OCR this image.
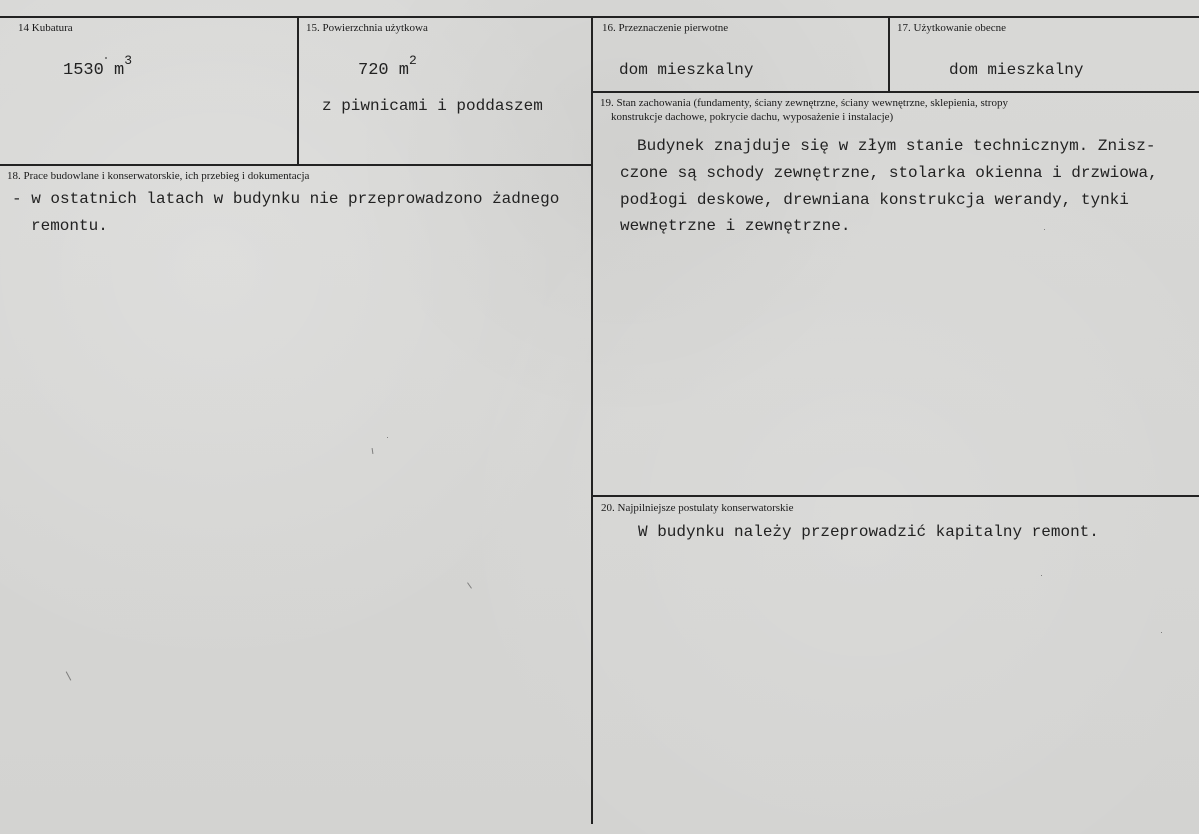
14 Kubatura
1530 $m^3$
15. Powierzchnia użytkowa
720 $m^2$
z piwnicami i poddaszem
16. Przeznaczenie pierwotne
dom mieszkalny
17. Użytkowanie obecne
dom mieszkalny
18. Prace budowlane i konserwatorskie, ich przebieg i dokumentacja
- w ostatnich latach w budynku nie przeprowadzono żadnego
remontu.
19. Stan zachowania (fundamenty, ściany zewnętrzne, ściany wewnętrzne, sklepienia, stropy
konstrukcje dachowe, pokrycie dachu, wyposażenie i instalacje)
Budynek znajduje się w złym stanie technicznym. Znisz-
czone są schody zewnętrzne, stolarka okienna i drzwiowa,
podłogi deskowe, drewniana konstrukcja werandy, tynki
wewnętrzne i zewnętrzne.
20. Najpilniejsze postulaty konserwatorskie
W budynku należy przeprowadzić kapitalny remont.
